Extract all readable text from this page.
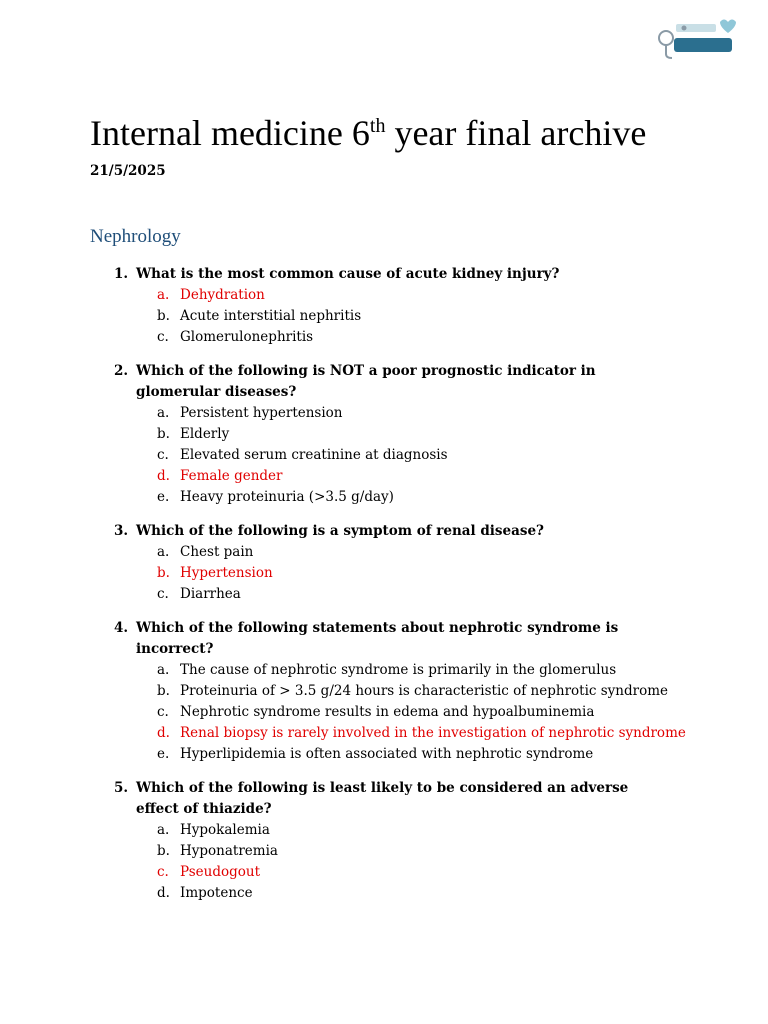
Internal medicine 6th year final archive
21/5/2025
Nephrology
1. What is the most common cause of acute kidney injury?
a. Dehydration
b. Acute interstitial nephritis
c. Glomerulonephritis
2. Which of the following is NOT a poor prognostic indicator in glomerular diseases?
a. Persistent hypertension
b. Elderly
c. Elevated serum creatinine at diagnosis
d. Female gender
e. Heavy proteinuria (>3.5 g/day)
3. Which of the following is a symptom of renal disease?
a. Chest pain
b. Hypertension
c. Diarrhea
4. Which of the following statements about nephrotic syndrome is incorrect?
a. The cause of nephrotic syndrome is primarily in the glomerulus
b. Proteinuria of > 3.5 g/24 hours is characteristic of nephrotic syndrome
c. Nephrotic syndrome results in edema and hypoalbuminemia
d. Renal biopsy is rarely involved in the investigation of nephrotic syndrome
e. Hyperlipidemia is often associated with nephrotic syndrome
5. Which of the following is least likely to be considered an adverse effect of thiazide?
a. Hypokalemia
b. Hyponatremia
c. Pseudogout
d. Impotence
